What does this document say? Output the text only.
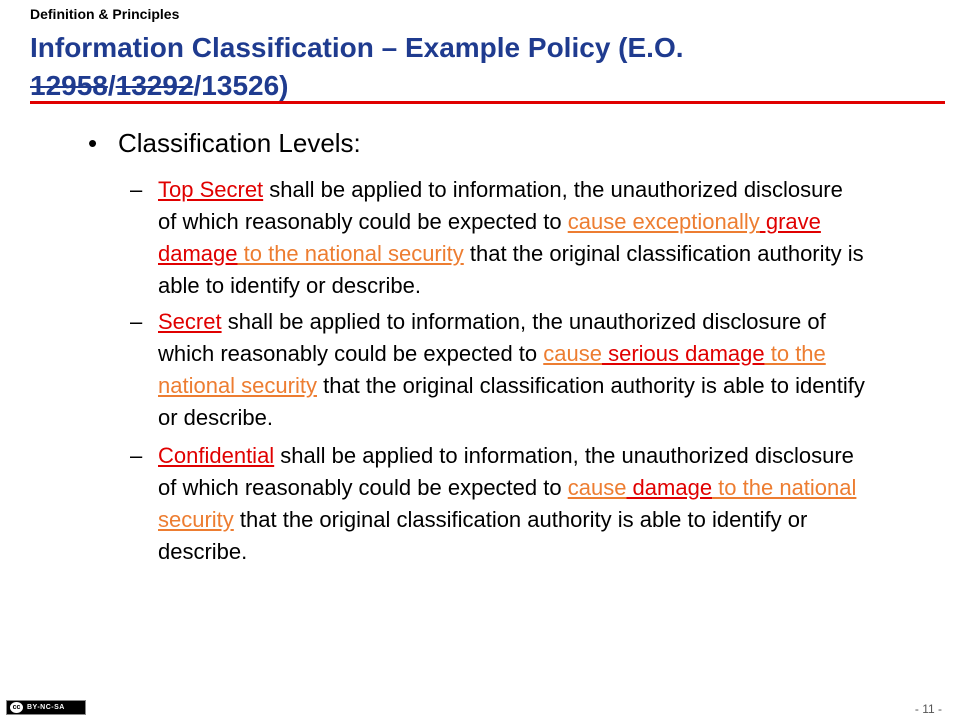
Definition & Principles
Information Classification – Example Policy (E.O. 12958/13292/13526)
• Classification Levels:
– Top Secret shall be applied to information, the unauthorized disclosure of which reasonably could be expected to cause exceptionally grave damage to the national security that the original classification authority is able to identify or describe.
– Secret shall be applied to information, the unauthorized disclosure of which reasonably could be expected to cause serious damage to the national security that the original classification authority is able to identify or describe.
– Confidential shall be applied to information, the unauthorized disclosure of which reasonably could be expected to cause damage to the national security that the original classification authority is able to identify or describe.
cc BY-NC-SA	- 11 -
